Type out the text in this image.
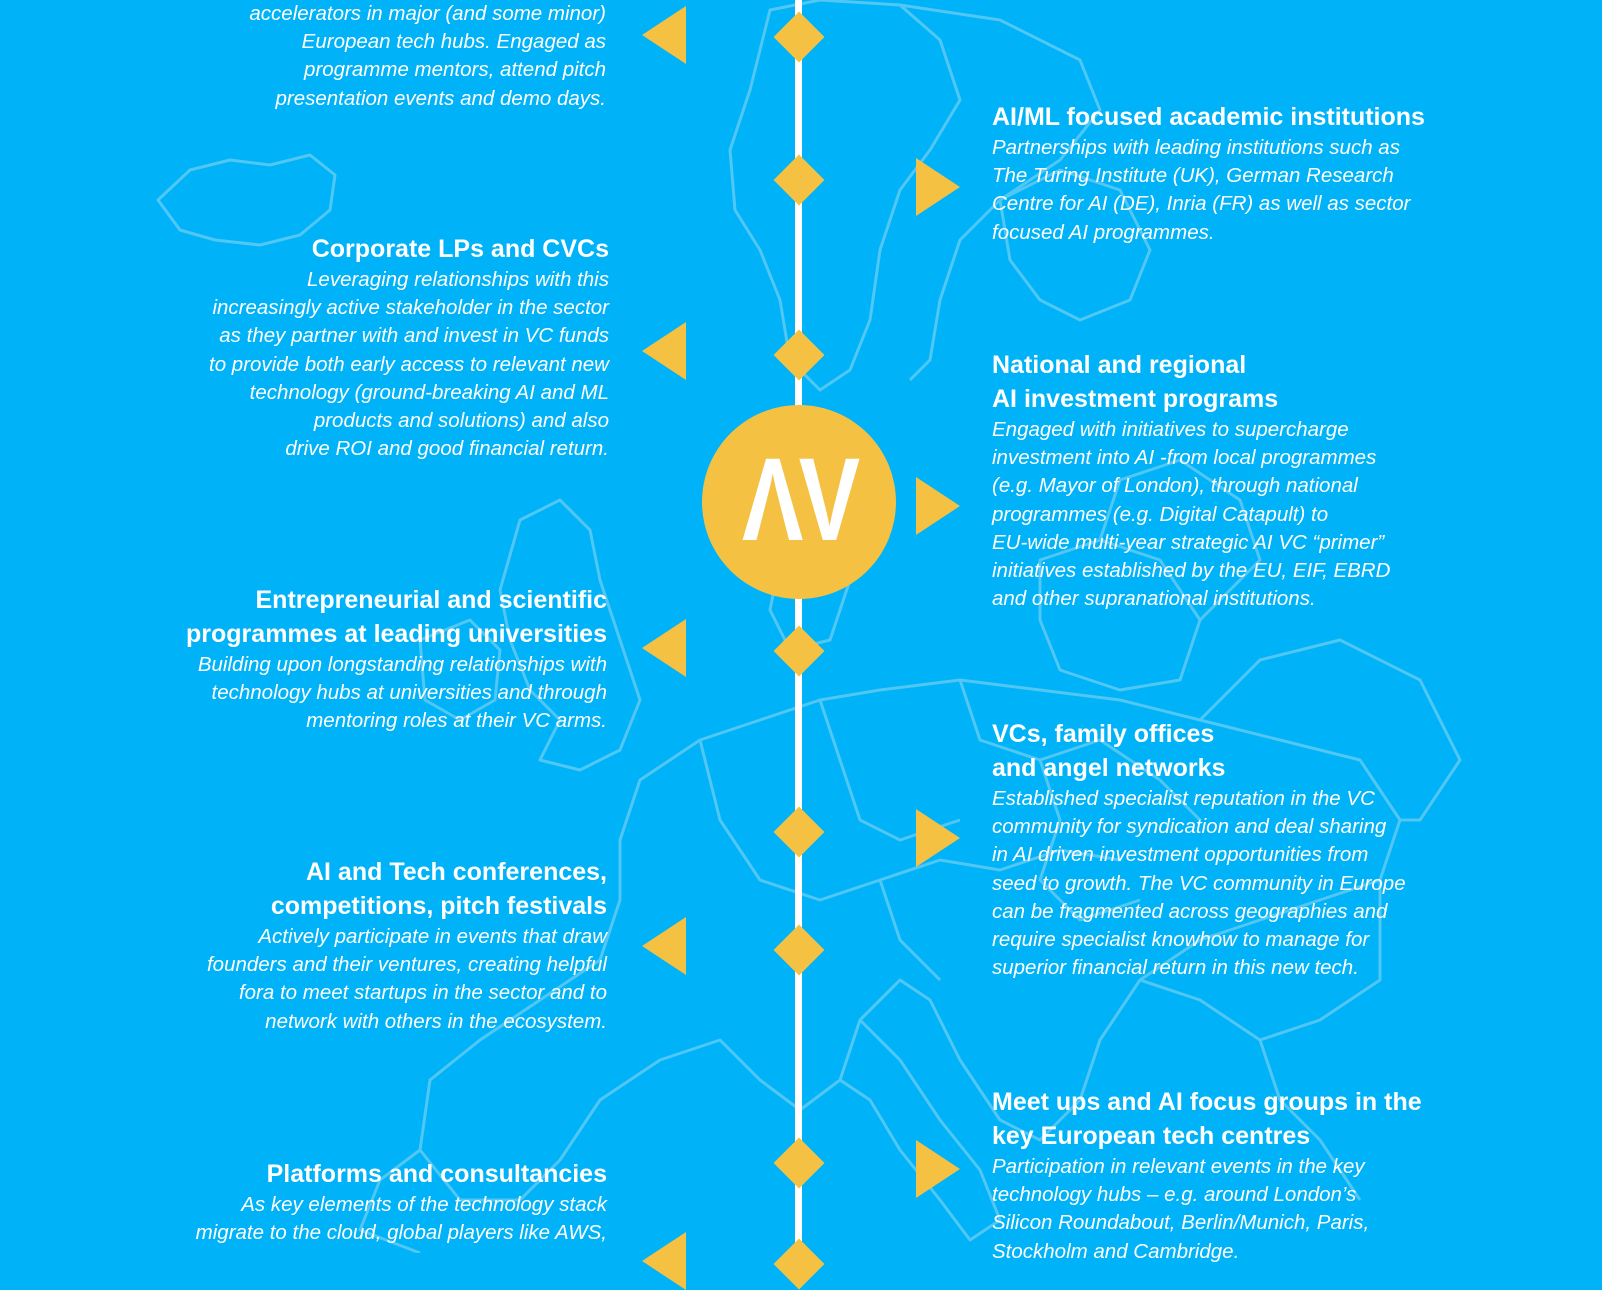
ΛV

accelerators in major (and some minor)
European tech hubs. Engaged as
programme mentors, attend pitch
presentation events and demo days.

Corporate LPs and CVCs

Leveraging relationships with this
increasingly active stakeholder in the sector
as they partner with and invest in VC funds
to provide both early access to relevant new
technology (ground-breaking AI and ML
products and solutions) and also
drive ROI and good financial return.

Entrepreneurial and scientific
programmes at leading universities

Building upon longstanding relationships with
technology hubs at universities and through
mentoring roles at their VC arms.

AI and Tech conferences,
competitions, pitch festivals

Actively participate in events that draw
founders and their ventures, creating helpful
fora to meet startups in the sector and to
network with others in the ecosystem.

Platforms and consultancies

As key elements of the technology stack
migrate to the cloud, global players like AWS,

AI/ML focused academic institutions

Partnerships with leading institutions such as
The Turing Institute (UK), German Research
Centre for AI (DE), Inria (FR) as well as sector
focused AI programmes.

National and regional
AI investment programs

Engaged with initiatives to supercharge
investment into AI -from local programmes
(e.g. Mayor of London), through national
programmes (e.g. Digital Catapult) to
EU-wide multi-year strategic AI VC “primer”
initiatives established by the EU, EIF, EBRD
and other supranational institutions.

VCs, family offices
and angel networks

Established specialist reputation in the VC
community for syndication and deal sharing
in AI driven investment opportunities from
seed to growth. The VC community in Europe
can be fragmented across geographies and
require specialist knowhow to manage for
superior financial return in this new tech.

Meet ups and AI focus groups in the
key European tech centres

Participation in relevant events in the key
technology hubs – e.g. around London’s
Silicon Roundabout, Berlin/Munich, Paris,
Stockholm and Cambridge.
